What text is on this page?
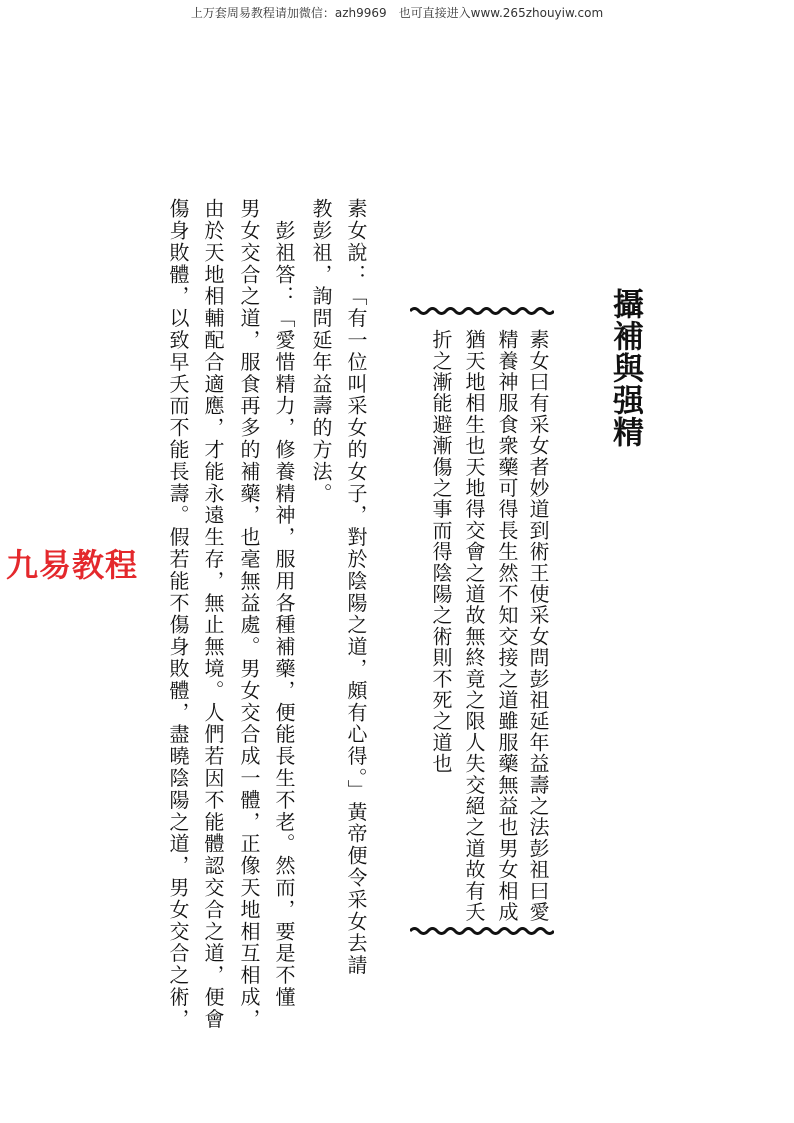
上万套周易教程请加微信：azh9969　也可直接进入www.265zhouyiw.com
攝補與强精
素女曰有采女者妙道到術王使采女問彭祖延年益壽之法彭祖曰愛
精養神服食衆藥可得長生然不知交接之道雖服藥無益也男女相成
猶天地相生也天地得交會之道故無終竟之限人失交絕之道故有夭
折之漸能避漸傷之事而得陰陽之術則不死之道也
素女說：「有一位叫采女的女子，對於陰陽之道，頗有心得。」黃帝便令采女去請
教彭祖，詢問延年益壽的方法。
　彭祖答：「愛惜精力，修養精神，服用各種補藥，便能長生不老。然而，要是不懂
男女交合之道，服食再多的補藥，也毫無益處。男女交合成一體，正像天地相互相成，
由於天地相輔配合適應，才能永遠生存，無止無境。人們若因不能體認交合之道，便會
傷身敗體，以致早夭而不能長壽。假若能不傷身敗體，盡曉陰陽之道，男女交合之術，
九易教程
